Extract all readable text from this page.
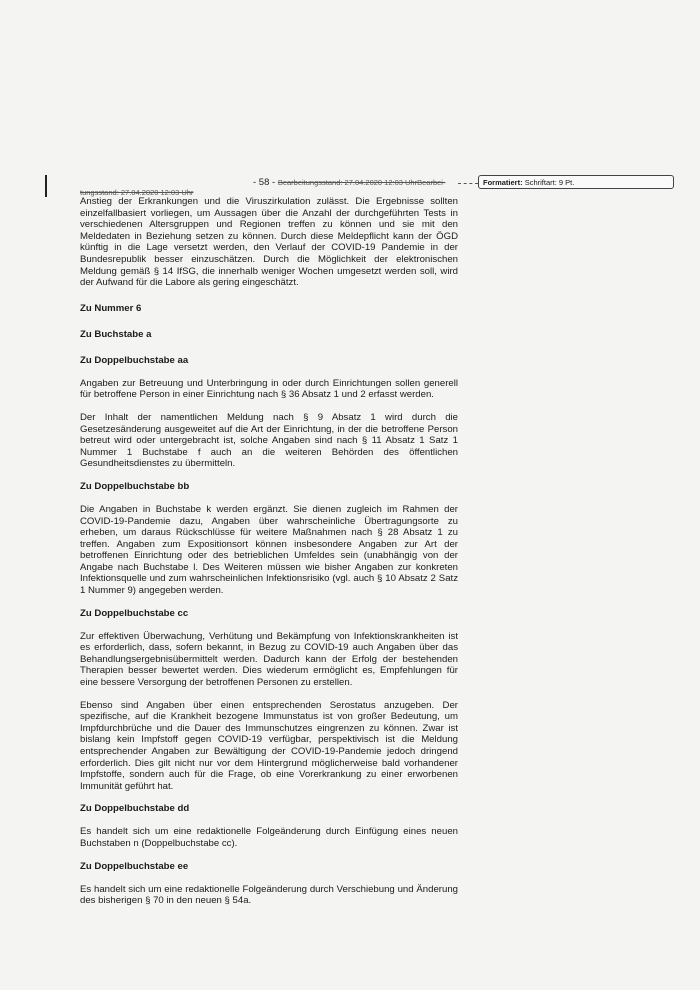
- 58 - Bearbeitungsstand: 27.04.2020 12:03 UhrBearbei-	Formatiert: Schriftart: 9 Pt.
tungsstand: 27.04.2020 12:03 Uhr

Anstieg der Erkrankungen und die Viruszirkulation zulässt. Die Ergebnisse sollten einzelfallbasiert vorliegen, um Aussagen über die Anzahl der durchgeführten Tests in verschiedenen Altersgruppen und Regionen treffen zu können und sie mit den Meldedaten in Beziehung setzen zu können. Durch diese Meldepflicht kann der ÖGD künftig in die Lage versetzt werden, den Verlauf der COVID-19 Pandemie in der Bundesrepublik besser einzuschätzen. Durch die Möglichkeit der elektronischen Meldung gemäß § 14 IfSG, die innerhalb weniger Wochen umgesetzt werden soll, wird der Aufwand für die Labore als gering eingeschätzt.

Zu Nummer 6
Zu Buchstabe a
Zu Doppelbuchstabe aa

Angaben zur Betreuung und Unterbringung in oder durch Einrichtungen sollen generell für betroffene Person in einer Einrichtung nach § 36 Absatz 1 und 2 erfasst werden.

Der Inhalt der namentlichen Meldung nach § 9 Absatz 1 wird durch die Gesetzesänderung ausgeweitet auf die Art der Einrichtung, in der die betroffene Person betreut wird oder untergebracht ist, solche Angaben sind nach § 11 Absatz 1 Satz 1 Nummer 1 Buchstabe f auch an die weiteren Behörden des öffentlichen Gesundheitsdienstes zu übermitteln.

Zu Doppelbuchstabe bb

Die Angaben in Buchstabe k werden ergänzt. Sie dienen zugleich im Rahmen der COVID-19-Pandemie dazu, Angaben über wahrscheinliche Übertragungsorte zu erheben, um daraus Rückschlüsse für weitere Maßnahmen nach § 28 Absatz 1 zu treffen. Angaben zum Expositionsort können insbesondere Angaben zur Art der betroffenen Einrichtung oder des betrieblichen Umfeldes sein (unabhängig von der Angabe nach Buchstabe l. Des Weiteren müssen wie bisher Angaben zur konkreten Infektionsquelle und zum wahrscheinlichen Infektionsrisiko (vgl. auch § 10 Absatz 2 Satz 1 Nummer 9) angegeben werden.

Zu Doppelbuchstabe cc

Zur effektiven Überwachung, Verhütung und Bekämpfung von Infektionskrankheiten ist es erforderlich, dass, sofern bekannt, in Bezug zu COVID-19 auch Angaben über das Behandlungsergebnisübermittelt werden. Dadurch kann der Erfolg der bestehenden Therapien besser bewertet werden. Dies wiederum ermöglicht es, Empfehlungen für eine bessere Versorgung der betroffenen Personen zu erstellen.

Ebenso sind Angaben über einen entsprechenden Serostatus anzugeben. Der spezifische, auf die Krankheit bezogene Immunstatus ist von großer Bedeutung, um Impfdurchbrüche und die Dauer des Immunschutzes eingrenzen zu können. Zwar ist bislang kein Impfstoff gegen COVID-19 verfügbar, perspektivisch ist die Meldung entsprechender Angaben zur Bewältigung der COVID-19-Pandemie jedoch dringend erforderlich. Dies gilt nicht nur vor dem Hintergrund möglicherweise bald vorhandener Impfstoffe, sondern auch für die Frage, ob eine Vorerkrankung zu einer erworbenen Immunität geführt hat.

Zu Doppelbuchstabe dd

Es handelt sich um eine redaktionelle Folgeänderung durch Einfügung eines neuen Buchstaben n (Doppelbuchstabe cc).

Zu Doppelbuchstabe ee

Es handelt sich um eine redaktionelle Folgeänderung durch Verschiebung und Änderung des bisherigen § 70 in den neuen § 54a.
